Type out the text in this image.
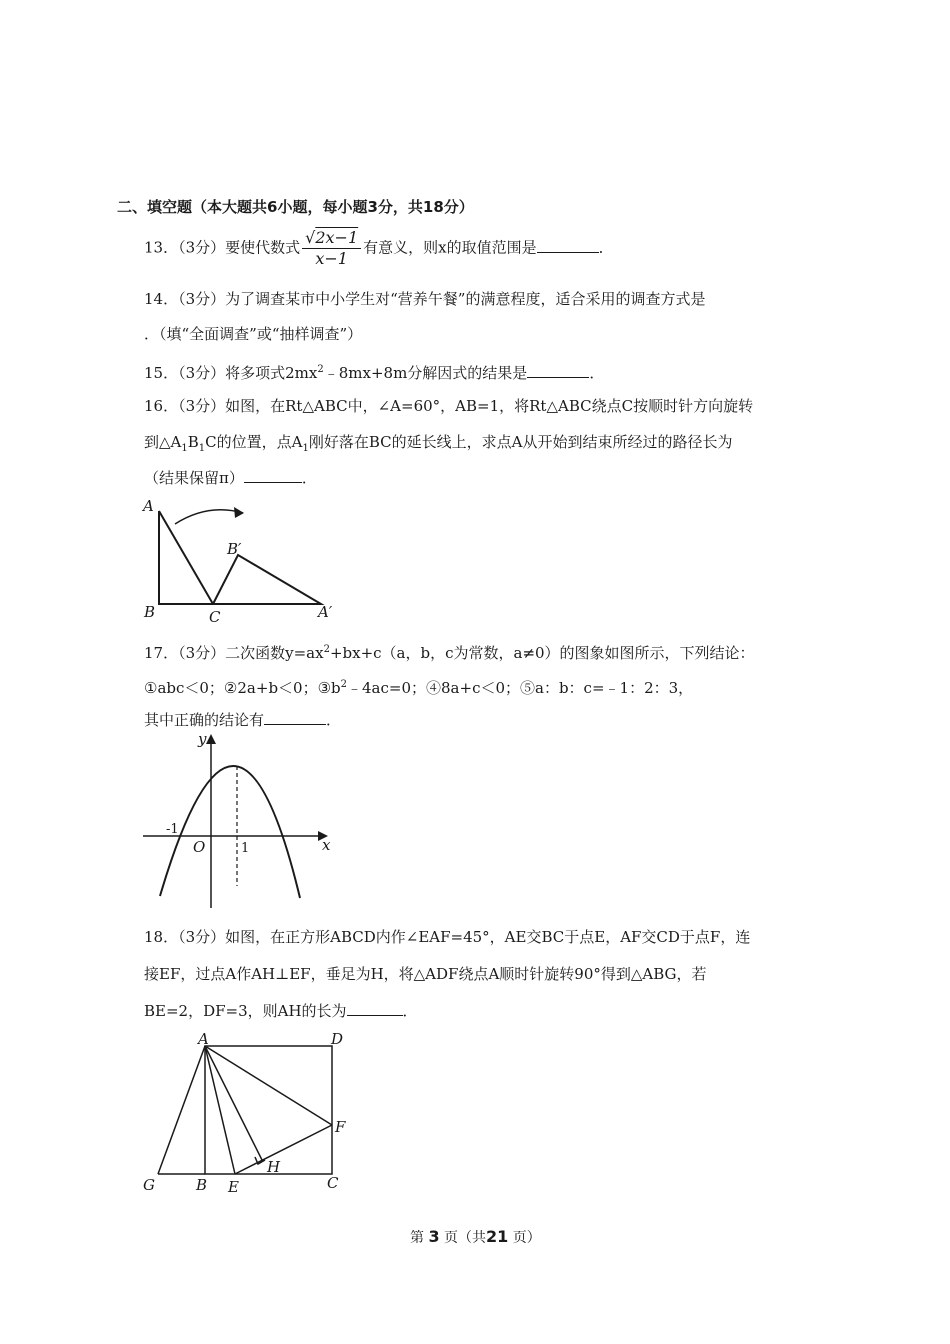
二、填空题（本大题共6小题，每小题3分，共18分）
13．（3分）要使代数式 $\frac{√2x-1}{x-1}$ 有意义，则x的取值范围是	．
14．（3分）为了调查某市中小学生对“营养午餐”的满意程度，适合采用的调查方式是
．（填“全面调查”或“抽样调查”）
15．（3分）将多项式$2mx^2﹣8mx+8m$分解因式的结果是	．
16．（3分）如图，在Rt△ABC中，∠A=60°，AB=1，将Rt△ABC绕点C按顺时针方向旋转
到$\triangle A_1B_1C$的位置，点$A_1$刚好落在BC的延长线上，求点A从开始到结束所经过的路径长为
（结果保留π）	．
A
B	C
B′
A′
17．（3分）二次函数$y=ax^2+bx+c(a$，b，c为常数，a≠0）的图象如图所示，下列结论：
①abc＜0；②2a+b＜0；$③b^2﹣4ac=0$；④8a+c＜0；⑤a：b：c=﹣1：2：3，
其中正确的结论有	．
y
x
O
-1
1
18．（3分）如图，在正方形ABCD内作∠EAF=45°，AE交BC于点E，AF交CD于点F，连
接EF，过点A作AH⊥EF，垂足为H，将△ADF绕点A顺时针旋转90°得到△ABG，若
BE=2，DF=3，则AH的长为	．
A	D
F
H
G	B E	C
第 3 页（共21 页）
